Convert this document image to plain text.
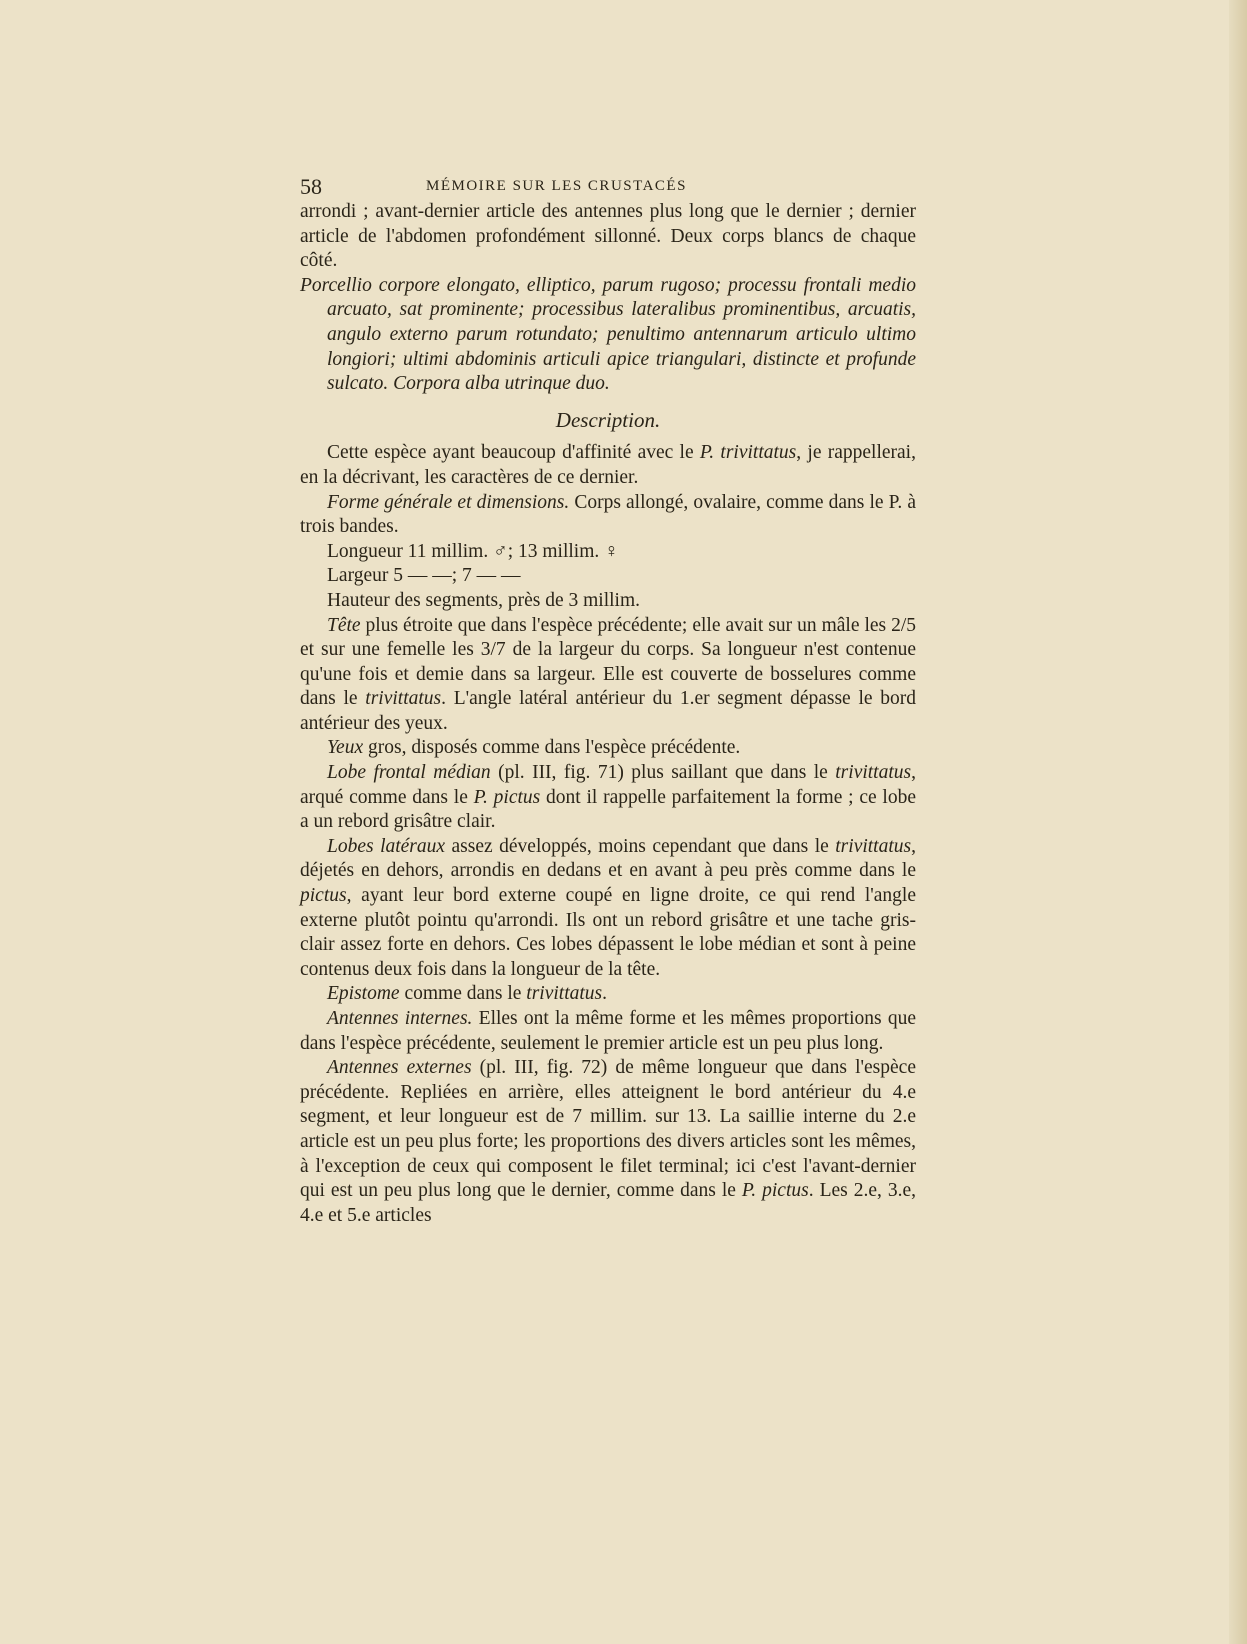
58	MÉMOIRE SUR LES CRUSTACÉS

arrondi ; avant-dernier article des antennes plus long que le dernier ; dernier article de l'abdomen profondément sillonné. Deux corps blancs de chaque côté.

Porcellio corpore elongato, elliptico, parum rugoso; processu frontali medio arcuato, sat prominente; processibus lateralibus prominentibus, arcuatis, angulo externo parum rotundato; penultimo antennarum articulo ultimo longiori; ultimi abdominis articuli apice triangulari, distincte et profunde sulcato. Corpora alba utrinque duo.

Description.

Cette espèce ayant beaucoup d'affinité avec le P. trivittatus, je rappellerai, en la décrivant, les caractères de ce dernier.

Forme générale et dimensions. Corps allongé, ovalaire, comme dans le P. à trois bandes.

Longueur 11 millim. ♂; 13 millim. ♀

Largeur 5 — —; 7 — —

Hauteur des segments, près de 3 millim.

Tête plus étroite que dans l'espèce précédente; elle avait sur un mâle les 2/5 et sur une femelle les 3/7 de la largeur du corps. Sa longueur n'est contenue qu'une fois et demie dans sa largeur. Elle est couverte de bosselures comme dans le trivittatus. L'angle latéral antérieur du 1.er segment dépasse le bord antérieur des yeux.

Yeux gros, disposés comme dans l'espèce précédente.

Lobe frontal médian (pl. III, fig. 71) plus saillant que dans le trivittatus, arqué comme dans le P. pictus dont il rappelle parfaitement la forme ; ce lobe a un rebord grisâtre clair.

Lobes latéraux assez développés, moins cependant que dans le trivittatus, déjetés en dehors, arrondis en dedans et en avant à peu près comme dans le pictus, ayant leur bord externe coupé en ligne droite, ce qui rend l'angle externe plutôt pointu qu'arrondi. Ils ont un rebord grisâtre et une tache gris-clair assez forte en dehors. Ces lobes dépassent le lobe médian et sont à peine contenus deux fois dans la longueur de la tête.

Epistome comme dans le trivittatus.

Antennes internes. Elles ont la même forme et les mêmes proportions que dans l'espèce précédente, seulement le premier article est un peu plus long.

Antennes externes (pl. III, fig. 72) de même longueur que dans l'espèce précédente. Repliées en arrière, elles atteignent le bord antérieur du 4.e segment, et leur longueur est de 7 millim. sur 13. La saillie interne du 2.e article est un peu plus forte; les proportions des divers articles sont les mêmes, à l'exception de ceux qui composent le filet terminal; ici c'est l'avant-dernier qui est un peu plus long que le dernier, comme dans le P. pictus. Les 2.e, 3.e, 4.e et 5.e articles
